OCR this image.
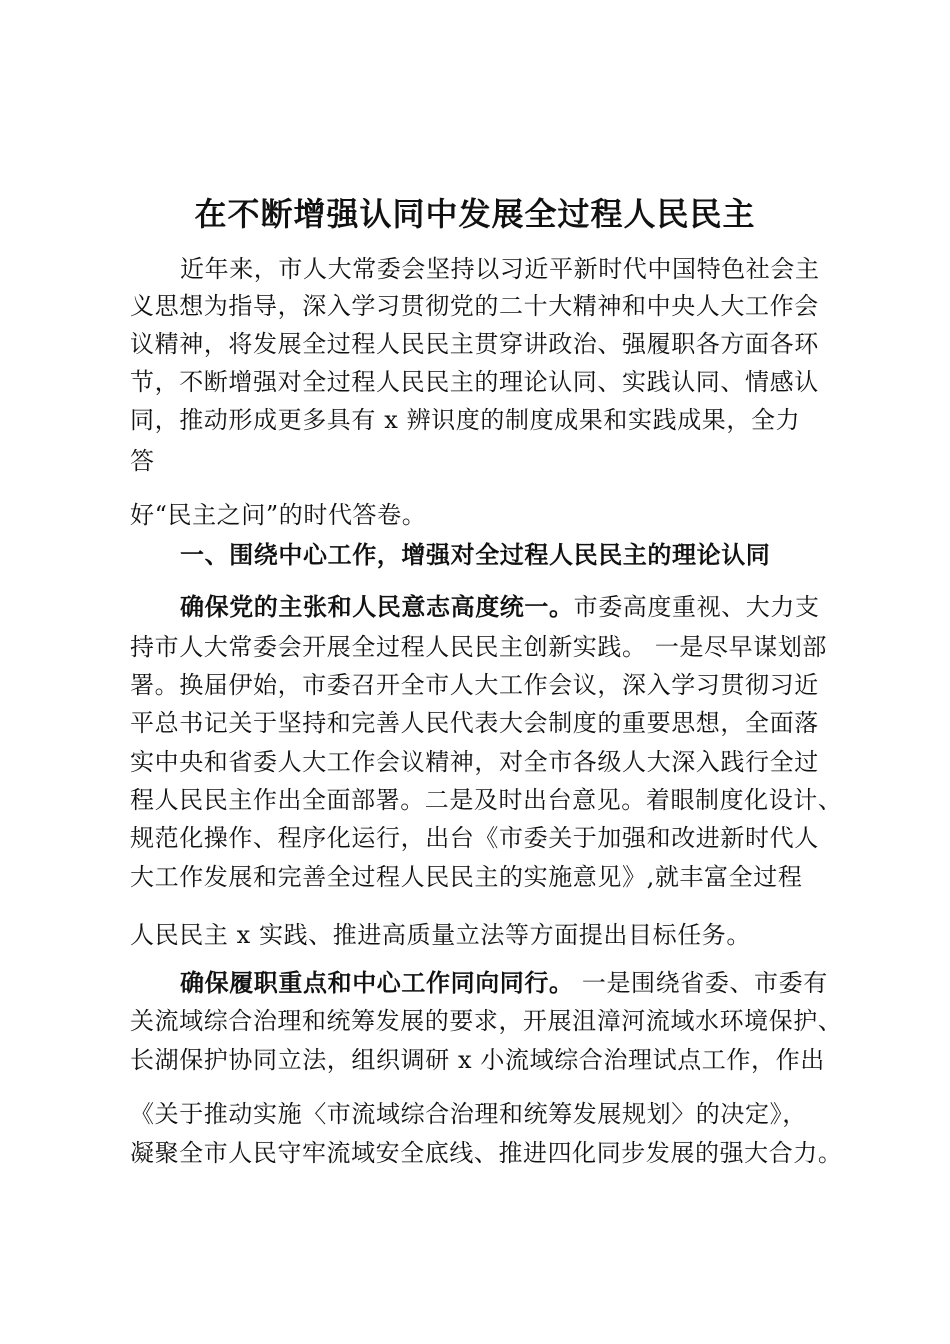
在不断增强认同中发展全过程人民民主
近年来，市人大常委会坚持以习近平新时代中国特色社会主
义思想为指导，深入学习贯彻党的二十大精神和中央人大工作会
议精神，将发展全过程人民民主贯穿讲政治、强履职各方面各环
节，不断增强对全过程人民民主的理论认同、实践认同、情感认
同，推动形成更多具有 x 辨识度的制度成果和实践成果，全力
答
好“民主之问”的时代答卷。
一、围绕中心工作，增强对全过程人民民主的理论认同
确保党的主张和人民意志高度统一。市委高度重视、大力支
持市人大常委会开展全过程人民民主创新实践。 一是尽早谋划部
署。换届伊始，市委召开全市人大工作会议，深入学习贯彻习近
平总书记关于坚持和完善人民代表大会制度的重要思想，全面落
实中央和省委人大工作会议精神，对全市各级人大深入践行全过
程人民民主作出全面部署。二是及时出台意见。着眼制度化设计、
规范化操作、程序化运行，出台《市委关于加强和改进新时代人
大工作发展和完善全过程人民民主的实施意见》,就丰富全过程
人民民主 x 实践、推进高质量立法等方面提出目标任务。
确保履职重点和中心工作同向同行。 一是围绕省委、市委有
关流域综合治理和统筹发展的要求，开展沮漳河流域水环境保护、
长湖保护协同立法，组织调研 x 小流域综合治理试点工作，作出
《关于推动实施〈市流域综合治理和统筹发展规划〉的决定》，
凝聚全市人民守牢流域安全底线、推进四化同步发展的强大合力。
